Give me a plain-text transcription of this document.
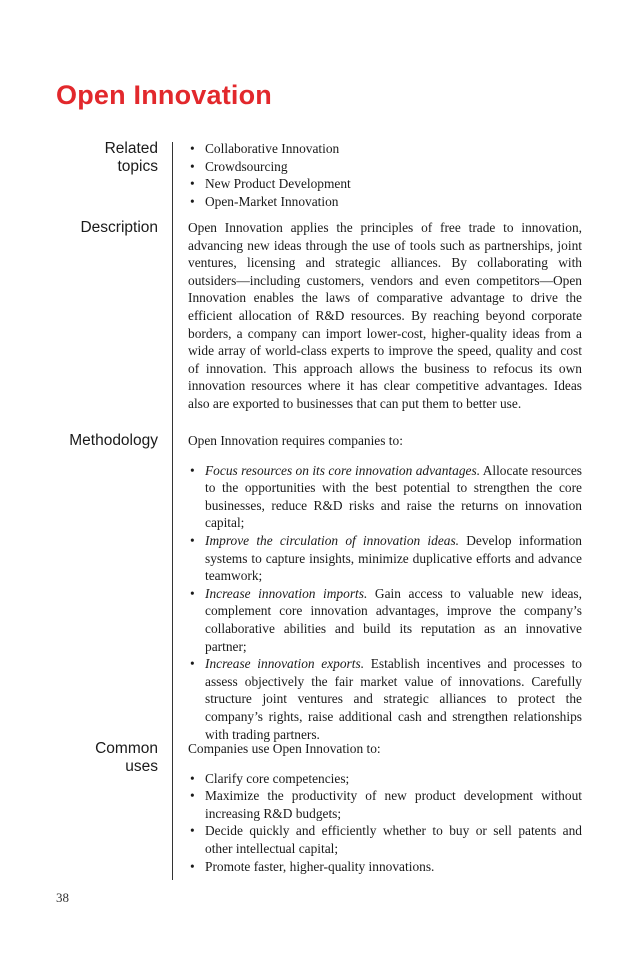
Open Innovation
Related
topics
• Collaborative Innovation
• Crowdsourcing
• New Product Development
• Open-Market Innovation
Description Open Innovation applies the principles of free trade to innovation, advancing new ideas through the use of tools such as partnerships, joint ventures, licensing and strategic alliances. By collaborating with outsiders—including customers, vendors and even competitors—Open Innovation enables the laws of comparative advantage to drive the efficient allocation of R&D resources. By reaching beyond corporate borders, a company can import lower-cost, higher-quality ideas from a wide array of world-class experts to improve the speed, quality and cost of innovation. This approach allows the business to refocus its own innovation resources where it has clear competitive advantages. Ideas also are exported to businesses that can put them to better use.

Methodology Open Innovation requires companies to:

• Focus resources on its core innovation advantages. Allocate resources to the opportunities with the best potential to strengthen the core businesses, reduce R&D risks and raise the returns on innovation capital;
• Improve the circulation of innovation ideas. Develop information systems to capture insights, minimize duplicative efforts and advance teamwork;
• Increase innovation imports. Gain access to valuable new ideas, complement core innovation advantages, improve the company’s collaborative abilities and build its reputation as an innovative partner;
• Increase innovation exports. Establish incentives and processes to assess objectively the fair market value of innovations. Carefully structure joint ventures and strategic alliances to protect the company’s rights, raise additional cash and strengthen relationships with trading partners.
Common
uses

Companies use Open Innovation to:

• Clarify core competencies;
• Maximize the productivity of new product development without increasing R&D budgets;
• Decide quickly and efficiently whether to buy or sell patents and other intellectual capital;
• Promote faster, higher-quality innovations.
38
